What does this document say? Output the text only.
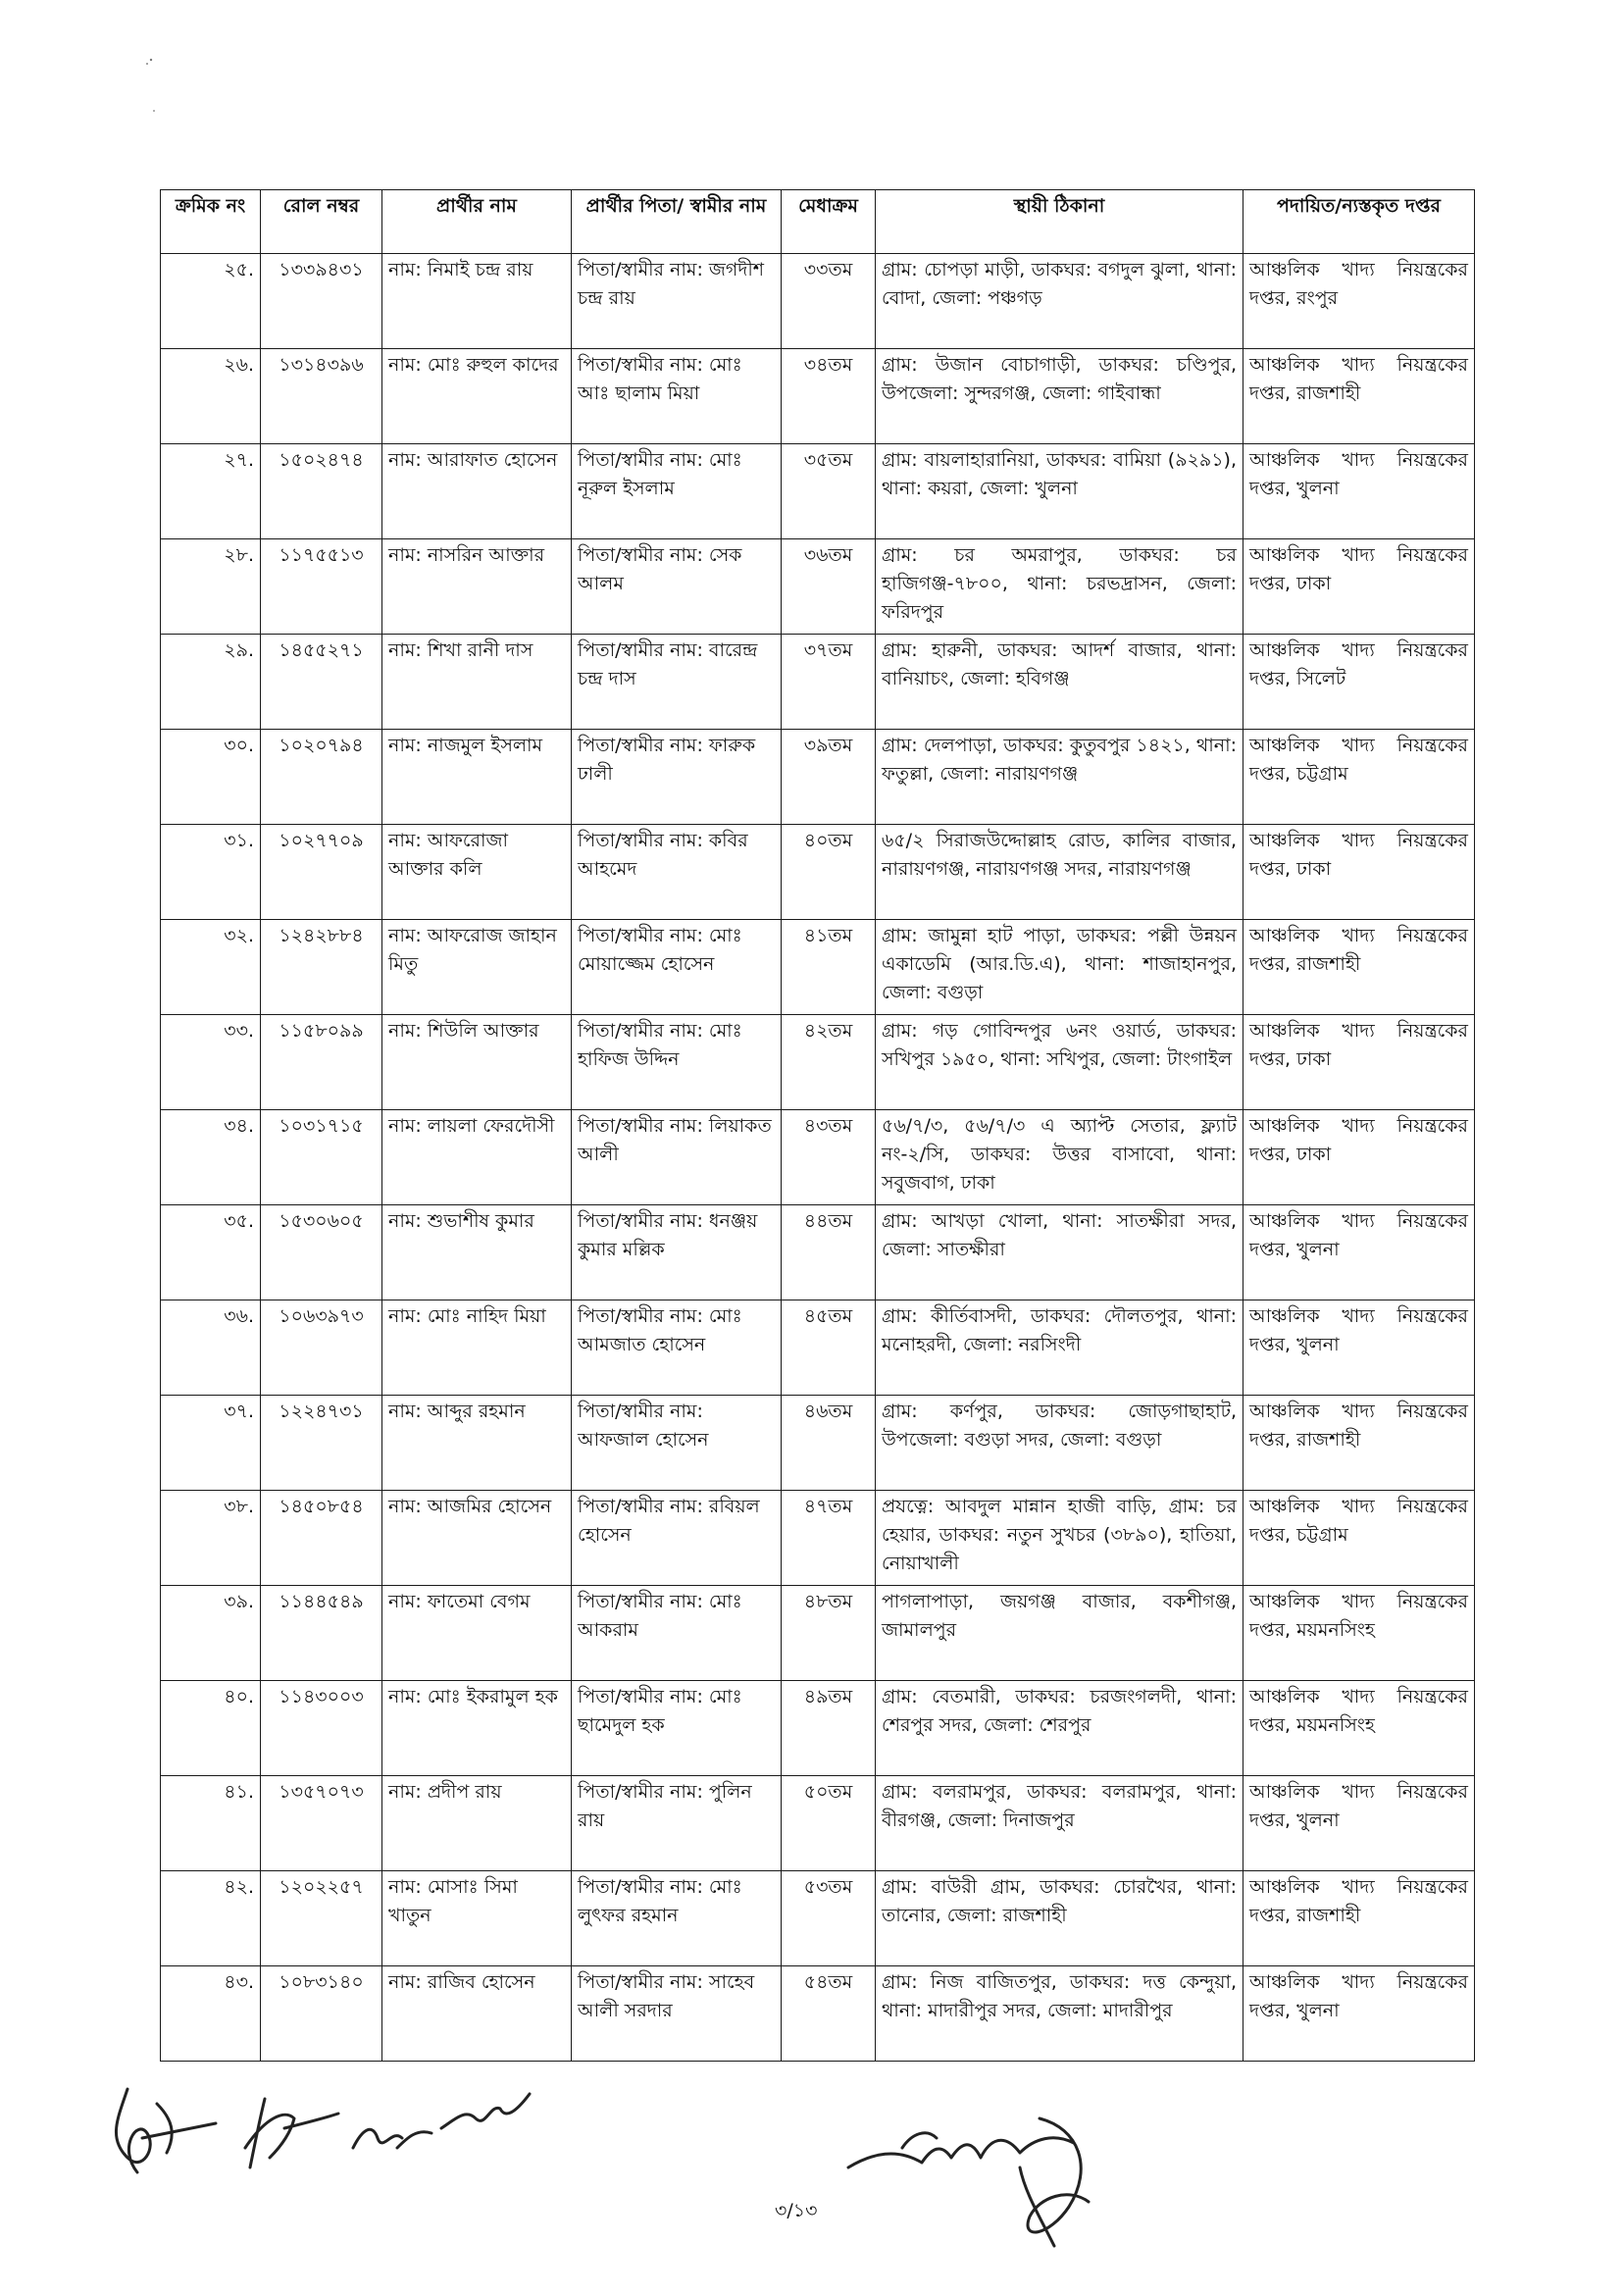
ক্রমিক নং	রোল নম্বর	প্রার্থীর নাম	প্রার্থীর পিতা/ স্বামীর নাম	মেধাক্রম	স্থায়ী ঠিকানা	পদায়িত/ন্যস্তকৃত দপ্তর
২৫.	১৩৩৯৪৩১	নাম: নিমাই চন্দ্র রায়	পিতা/স্বামীর নাম: জগদীশ চন্দ্র রায়	৩৩তম	গ্রাম: চোপড়া মাড়ী, ডাকঘর: বগদুল ঝুলা, থানা: বোদা, জেলা: পঞ্চগড়	আঞ্চলিক খাদ্য নিয়ন্ত্রকের দপ্তর, রংপুর
২৬.	১৩১৪৩৯৬	নাম: মোঃ রুহুল কাদের	পিতা/স্বামীর নাম: মোঃ আঃ ছালাম মিয়া	৩৪তম	গ্রাম: উজান বোচাগাড়ী, ডাকঘর: চণ্ডিপুর, উপজেলা: সুন্দরগঞ্জ, জেলা: গাইবান্ধা	আঞ্চলিক খাদ্য নিয়ন্ত্রকের দপ্তর, রাজশাহী
২৭.	১৫০২৪৭৪	নাম: আরাফাত হোসেন	পিতা/স্বামীর নাম: মোঃ নূরুল ইসলাম	৩৫তম	গ্রাম: বায়লাহারানিয়া, ডাকঘর: বামিয়া (৯২৯১), থানা: কয়রা, জেলা: খুলনা	আঞ্চলিক খাদ্য নিয়ন্ত্রকের দপ্তর, খুলনা
২৮.	১১৭৫৫১৩	নাম: নাসরিন আক্তার	পিতা/স্বামীর নাম: সেক আলম	৩৬তম	গ্রাম: চর অমরাপুর, ডাকঘর: চর হাজিগঞ্জ-৭৮০০, থানা: চরভদ্রাসন, জেলা: ফরিদপুর	আঞ্চলিক খাদ্য নিয়ন্ত্রকের দপ্তর, ঢাকা
২৯.	১৪৫৫২৭১	নাম: শিখা রানী দাস	পিতা/স্বামীর নাম: বারেন্দ্র চন্দ্র দাস	৩৭তম	গ্রাম: হারুনী, ডাকঘর: আদর্শ বাজার, থানা: বানিয়াচং, জেলা: হবিগঞ্জ	আঞ্চলিক খাদ্য নিয়ন্ত্রকের দপ্তর, সিলেট
৩০.	১০২০৭৯৪	নাম: নাজমুল ইসলাম	পিতা/স্বামীর নাম: ফারুক ঢালী	৩৯তম	গ্রাম: দেলপাড়া, ডাকঘর: কুতুবপুর ১৪২১, থানা: ফতুল্লা, জেলা: নারায়ণগঞ্জ	আঞ্চলিক খাদ্য নিয়ন্ত্রকের দপ্তর, চট্টগ্রাম
৩১.	১০২৭৭০৯	নাম: আফরোজা আক্তার কলি	পিতা/স্বামীর নাম: কবির আহমেদ	৪০তম	৬৫/২ সিরাজউদ্দোল্লাহ রোড, কালির বাজার, নারায়ণগঞ্জ, নারায়ণগঞ্জ সদর, নারায়ণগঞ্জ	আঞ্চলিক খাদ্য নিয়ন্ত্রকের দপ্তর, ঢাকা
৩২.	১২৪২৮৮৪	নাম: আফরোজ জাহান মিতু	পিতা/স্বামীর নাম: মোঃ মোয়াজ্জেম হোসেন	৪১তম	গ্রাম: জামুন্না হাট পাড়া, ডাকঘর: পল্লী উন্নয়ন একাডেমি (আর.ডি.এ), থানা: শাজাহানপুর, জেলা: বগুড়া	আঞ্চলিক খাদ্য নিয়ন্ত্রকের দপ্তর, রাজশাহী
৩৩.	১১৫৮০৯৯	নাম: শিউলি আক্তার	পিতা/স্বামীর নাম: মোঃ হাফিজ উদ্দিন	৪২তম	গ্রাম: গড় গোবিন্দপুর ৬নং ওয়ার্ড, ডাকঘর: সখিপুর ১৯৫০, থানা: সখিপুর, জেলা: টাংগাইল	আঞ্চলিক খাদ্য নিয়ন্ত্রকের দপ্তর, ঢাকা
৩৪.	১০৩১৭১৫	নাম: লায়লা ফেরদৌসী	পিতা/স্বামীর নাম: লিয়াকত আলী	৪৩তম	৫৬/৭/৩, ৫৬/৭/৩ এ অ্যাপ্ট সেতার, ফ্ল্যাট নং-২/সি, ডাকঘর: উত্তর বাসাবো, থানা: সবুজবাগ, ঢাকা	আঞ্চলিক খাদ্য নিয়ন্ত্রকের দপ্তর, ঢাকা
৩৫.	১৫৩০৬০৫	নাম: শুভাশীষ কুমার	পিতা/স্বামীর নাম: ধনঞ্জয় কুমার মল্লিক	৪৪তম	গ্রাম: আখড়া খোলা, থানা: সাতক্ষীরা সদর, জেলা: সাতক্ষীরা	আঞ্চলিক খাদ্য নিয়ন্ত্রকের দপ্তর, খুলনা
৩৬.	১০৬৩৯৭৩	নাম: মোঃ নাহিদ মিয়া	পিতা/স্বামীর নাম: মোঃ আমজাত হোসেন	৪৫তম	গ্রাম: কীর্তিবাসদী, ডাকঘর: দৌলতপুর, থানা: মনোহরদী, জেলা: নরসিংদী	আঞ্চলিক খাদ্য নিয়ন্ত্রকের দপ্তর, খুলনা
৩৭.	১২২৪৭৩১	নাম: আব্দুর রহমান	পিতা/স্বামীর নাম: আফজাল হোসেন	৪৬তম	গ্রাম: কর্ণপুর, ডাকঘর: জোড়গাছাহাট, উপজেলা: বগুড়া সদর, জেলা: বগুড়া	আঞ্চলিক খাদ্য নিয়ন্ত্রকের দপ্তর, রাজশাহী
৩৮.	১৪৫০৮৫৪	নাম: আজমির হোসেন	পিতা/স্বামীর নাম: রবিয়ল হোসেন	৪৭তম	প্রযত্নে: আবদুল মান্নান হাজী বাড়ি, গ্রাম: চর হেয়ার, ডাকঘর: নতুন সুখচর (৩৮৯০), হাতিয়া, নোয়াখালী	আঞ্চলিক খাদ্য নিয়ন্ত্রকের দপ্তর, চট্টগ্রাম
৩৯.	১১৪৪৫৪৯	নাম: ফাতেমা বেগম	পিতা/স্বামীর নাম: মোঃ আকরাম	৪৮তম	পাগলাপাড়া, জয়গঞ্জ বাজার, বকশীগঞ্জ, জামালপুর	আঞ্চলিক খাদ্য নিয়ন্ত্রকের দপ্তর, ময়মনসিংহ
৪০.	১১৪৩০০৩	নাম: মোঃ ইকরামুল হক	পিতা/স্বামীর নাম: মোঃ ছামেদুল হক	৪৯তম	গ্রাম: বেতমারী, ডাকঘর: চরজংগলদী, থানা: শেরপুর সদর, জেলা: শেরপুর	আঞ্চলিক খাদ্য নিয়ন্ত্রকের দপ্তর, ময়মনসিংহ
৪১.	১৩৫৭০৭৩	নাম: প্রদীপ রায়	পিতা/স্বামীর নাম: পুলিন রায়	৫০তম	গ্রাম: বলরামপুর, ডাকঘর: বলরামপুর, থানা: বীরগঞ্জ, জেলা: দিনাজপুর	আঞ্চলিক খাদ্য নিয়ন্ত্রকের দপ্তর, খুলনা
৪২.	১২০২২৫৭	নাম: মোসাঃ সিমা খাতুন	পিতা/স্বামীর নাম: মোঃ লুৎফর রহমান	৫৩তম	গ্রাম: বাউরী গ্রাম, ডাকঘর: চোরখৈর, থানা: তানোর, জেলা: রাজশাহী	আঞ্চলিক খাদ্য নিয়ন্ত্রকের দপ্তর, রাজশাহী
৪৩.	১০৮৩১৪০	নাম: রাজিব হোসেন	পিতা/স্বামীর নাম: সাহেব আলী সরদার	৫৪তম	গ্রাম: নিজ বাজিতপুর, ডাকঘর: দত্ত কেন্দুয়া, থানা: মাদারীপুর সদর, জেলা: মাদারীপুর	আঞ্চলিক খাদ্য নিয়ন্ত্রকের দপ্তর, খুলনা
৩/১৩
